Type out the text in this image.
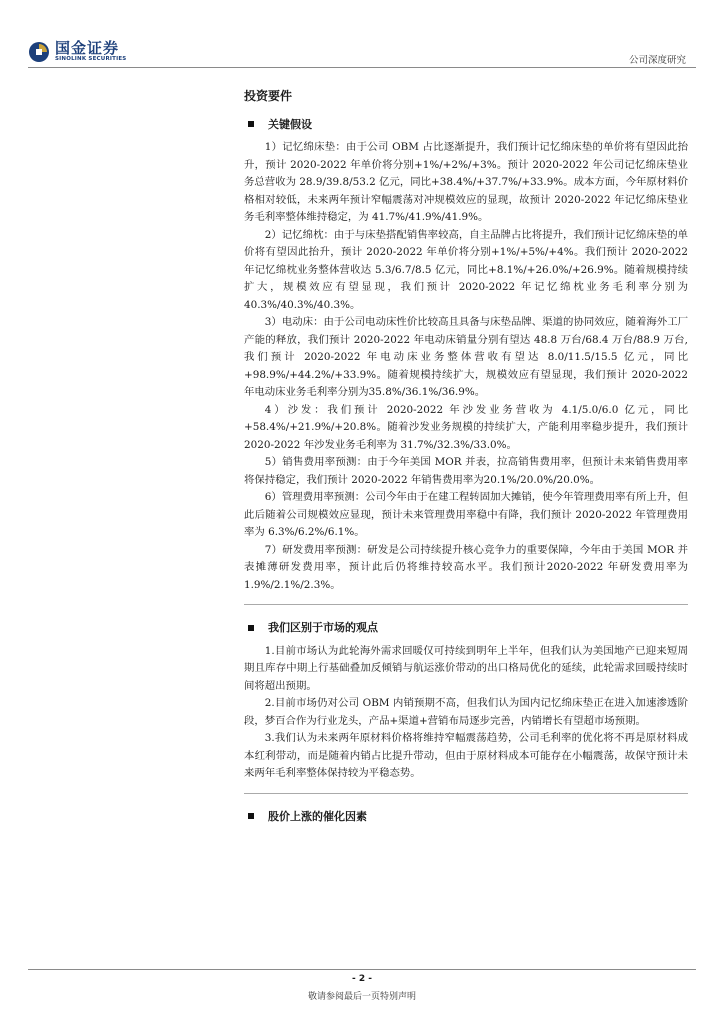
国金证券
SINOLINK SECURITIES	公司深度研究
投资要件
关键假设

1）记忆绵床垫：由于公司 OBM 占比逐渐提升，我们预计记忆绵床垫的单价将有望因此抬升，预计 2020-2022 年单价将分别+1%/+2%/+3%。预计 2020-2022 年公司记忆绵床垫业务总营收为 28.9/39.8/53.2 亿元，同比+38.4%/+37.7%/+33.9%。成本方面，今年原材料价格相对较低，未来两年预计窄幅震荡对冲规模效应的显现，故预计 2020-2022 年记忆绵床垫业务毛利率整体维持稳定，为 41.7%/41.9%/41.9%。

2）记忆绵枕：由于与床垫搭配销售率较高，自主品牌占比将提升，我们预计记忆绵床垫的单价将有望因此抬升，预计 2020-2022 年单价将分别+1%/+5%/+4%。我们预计 2020-2022 年记忆绵枕业务整体营收达 5.3/6.7/8.5 亿元，同比+8.1%/+26.0%/+26.9%。随着规模持续扩大，规模效应有望显现，我们预计 2020-2022 年记忆绵枕业务毛利率分别为 40.3%/40.3%/40.3%。

3）电动床：由于公司电动床性价比较高且具备与床垫品牌、渠道的协同效应，随着海外工厂产能的释放，我们预计 2020-2022 年电动床销量分别有望达 48.8 万台/68.4 万台/88.9 万台,我们预计 2020-2022 年电动床业务整体营收有望达 8.0/11.5/15.5 亿元，同比+98.9%/+44.2%/+33.9%。随着规模持续扩大，规模效应有望显现，我们预计 2020-2022 年电动床业务毛利率分别为35.8%/36.1%/36.9%。

4）沙发：我们预计 2020-2022 年沙发业务营收为 4.1/5.0/6.0 亿元，同比+58.4%/+21.9%/+20.8%。随着沙发业务规模的持续扩大，产能利用率稳步提升，我们预计 2020-2022 年沙发业务毛利率为 31.7%/32.3%/33.0%。

5）销售费用率预测：由于今年美国 MOR 并表，拉高销售费用率，但预计未来销售费用率将保持稳定，我们预计 2020-2022 年销售费用率为20.1%/20.0%/20.0%。

6）管理费用率预测：公司今年由于在建工程转固加大摊销，使今年管理费用率有所上升，但此后随着公司规模效应显现，预计未来管理费用率稳中有降，我们预计 2020-2022 年管理费用率为 6.3%/6.2%/6.1%。

7）研发费用率预测：研发是公司持续提升核心竞争力的重要保障，今年由于美国 MOR 并表摊薄研发费用率，预计此后仍将维持较高水平。我们预计2020-2022 年研发费用率为 1.9%/2.1%/2.3%。

我们区别于市场的观点

1.目前市场认为此轮海外需求回暖仅可持续到明年上半年，但我们认为美国地产已迎来短周期且库存中期上行基础叠加反倾销与航运涨价带动的出口格局优化的延续，此轮需求回暖持续时间将超出预期。

2.目前市场仍对公司 OBM 内销预期不高，但我们认为国内记忆绵床垫正在进入加速渗透阶段，梦百合作为行业龙头，产品+渠道+营销布局逐步完善，内销增长有望超市场预期。

3.我们认为未来两年原材料价格将维持窄幅震荡趋势，公司毛利率的优化将不再是原材料成本红利带动，而是随着内销占比提升带动，但由于原材料成本可能存在小幅震荡，故保守预计未来两年毛利率整体保持较为平稳态势。

股价上涨的催化因素
- 2 -
敬请参阅最后一页特别声明
